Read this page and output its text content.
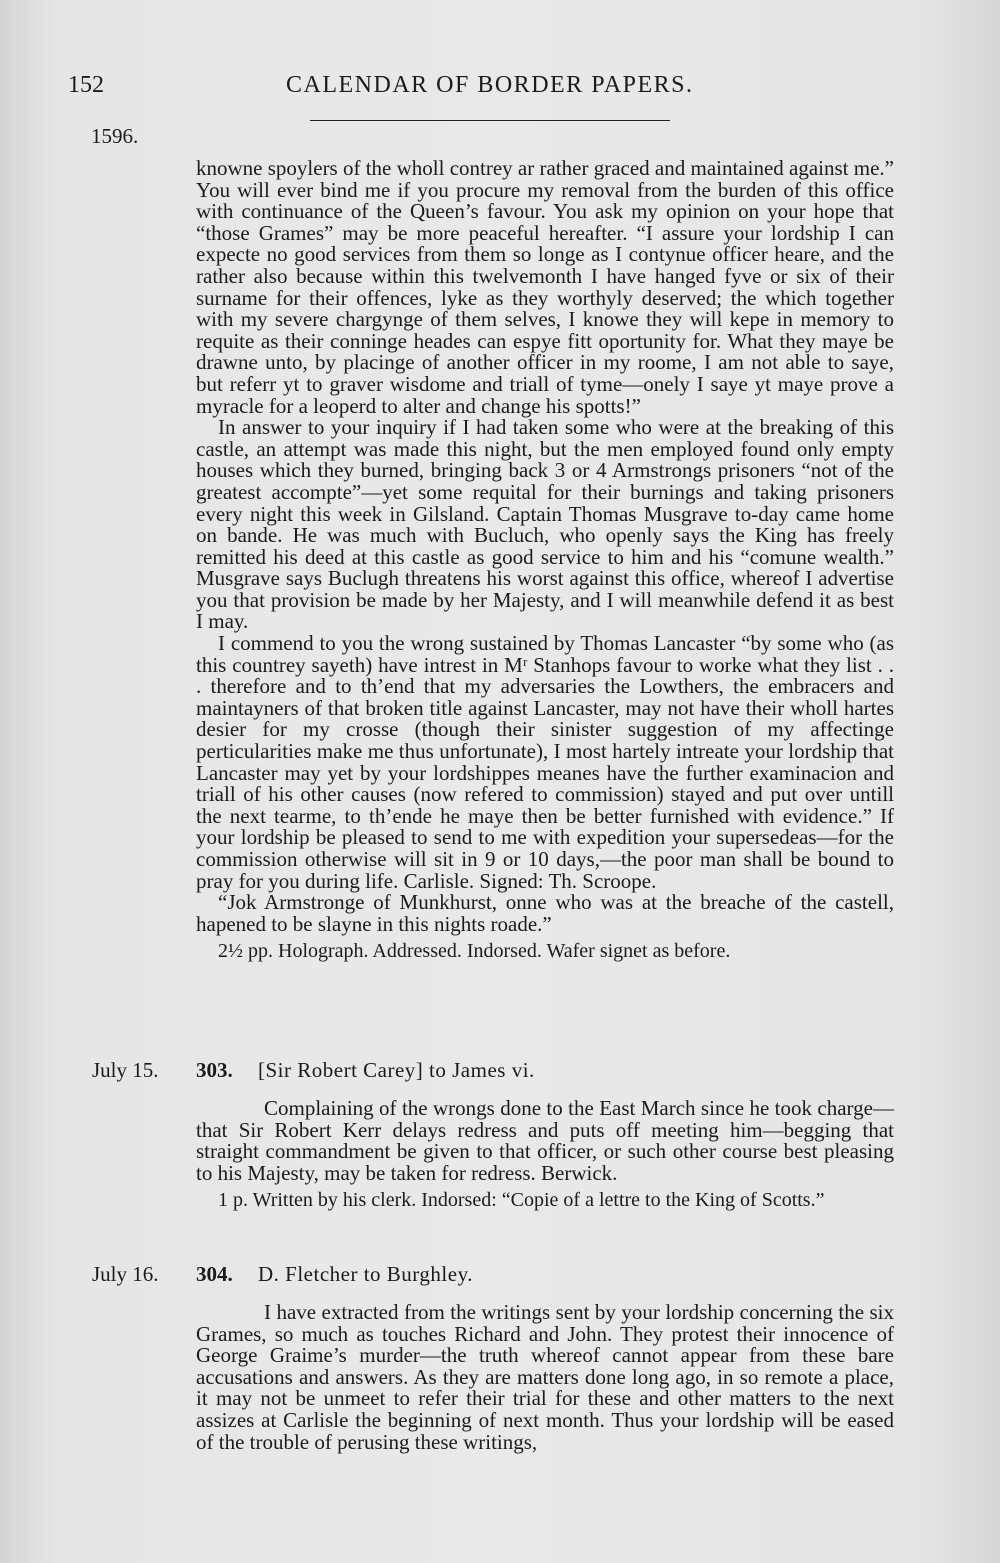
152	CALENDAR OF BORDER PAPERS.
1596.

knowne spoylers of the wholl contrey ar rather graced and maintained against me.” You will ever bind me if you procure my removal from the burden of this office with continuance of the Queen’s favour. You ask my opinion on your hope that “those Grames” may be more peaceful hereafter. “I assure your lordship I can expecte no good services from them so longe as I contynue officer heare, and the rather also because within this twelvemonth I have hanged fyve or six of their surname for their offences, lyke as they worthyly deserved; the which together with my severe chargynge of them selves, I knowe they will kepe in memory to requite as their conninge heades can espye fitt oportunity for. What they maye be drawne unto, by placinge of another officer in my roome, I am not able to saye, but referr yt to graver wisdome and triall of tyme—onely I saye yt maye prove a myracle for a leoperd to alter and change his spotts!”

In answer to your inquiry if I had taken some who were at the breaking of this castle, an attempt was made this night, but the men employed found only empty houses which they burned, bringing back 3 or 4 Armstrongs prisoners “not of the greatest accompte”—yet some requital for their burnings and taking prisoners every night this week in Gilsland. Captain Thomas Musgrave to-day came home on bande. He was much with Bucluch, who openly says the King has freely remitted his deed at this castle as good service to him and his “comune wealth.” Musgrave says Buclugh threatens his worst against this office, whereof I advertise you that provision be made by her Majesty, and I will meanwhile defend it as best I may.

I commend to you the wrong sustained by Thomas Lancaster “by some who (as this countrey sayeth) have intrest in Mʳ Stanhops favour to worke what they list . . . therefore and to th’end that my adversaries the Lowthers, the embracers and maintayners of that broken title against Lancaster, may not have their wholl hartes desier for my crosse (though their sinister suggestion of my affectinge perticularities make me thus unfortunate), I most hartely intreate your lordship that Lancaster may yet by your lordshippes meanes have the further examinacion and triall of his other causes (now refered to commission) stayed and put over untill the next tearme, to th’ende he maye then be better furnished with evidence.” If your lordship be pleased to send to me with expedition your supersedeas—for the commission otherwise will sit in 9 or 10 days,—the poor man shall be bound to pray for you during life. Carlisle. Signed: Th. Scroope.

“Jok Armstronge of Munkhurst, onne who was at the breache of the castell, hapened to be slayne in this nights roade.”

2½ pp. Holograph. Addressed. Indorsed. Wafer signet as before.

July 15. 303. [Sir Robert Carey] to James vi.

Complaining of the wrongs done to the East March since he took charge—that Sir Robert Kerr delays redress and puts off meeting him—begging that straight commandment be given to that officer, or such other course best pleasing to his Majesty, may be taken for redress. Berwick.

1 p. Written by his clerk. Indorsed: “Copie of a lettre to the King of Scotts.”

July 16. 304. D. Fletcher to Burghley.

I have extracted from the writings sent by your lordship concerning the six Grames, so much as touches Richard and John. They protest their innocence of George Graime’s murder—the truth whereof cannot appear from these bare accusations and answers. As they are matters done long ago, in so remote a place, it may not be unmeet to refer their trial for these and other matters to the next assizes at Carlisle the beginning of next month. Thus your lordship will be eased of the trouble of perusing these writings,
